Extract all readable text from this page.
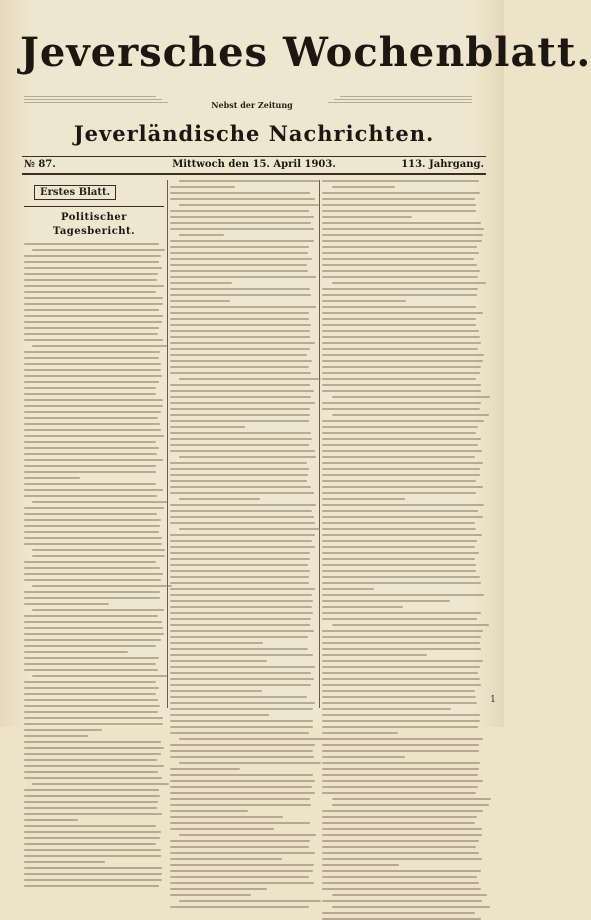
Jeversches Wochenblatt.
Nebst der Zeitung
Jeverländische Nachrichten.
№ 87.	Mittwoch den 15. April 1903.	113. Jahrgang.
Erstes Blatt.
Politischer Tagesbericht.
1
